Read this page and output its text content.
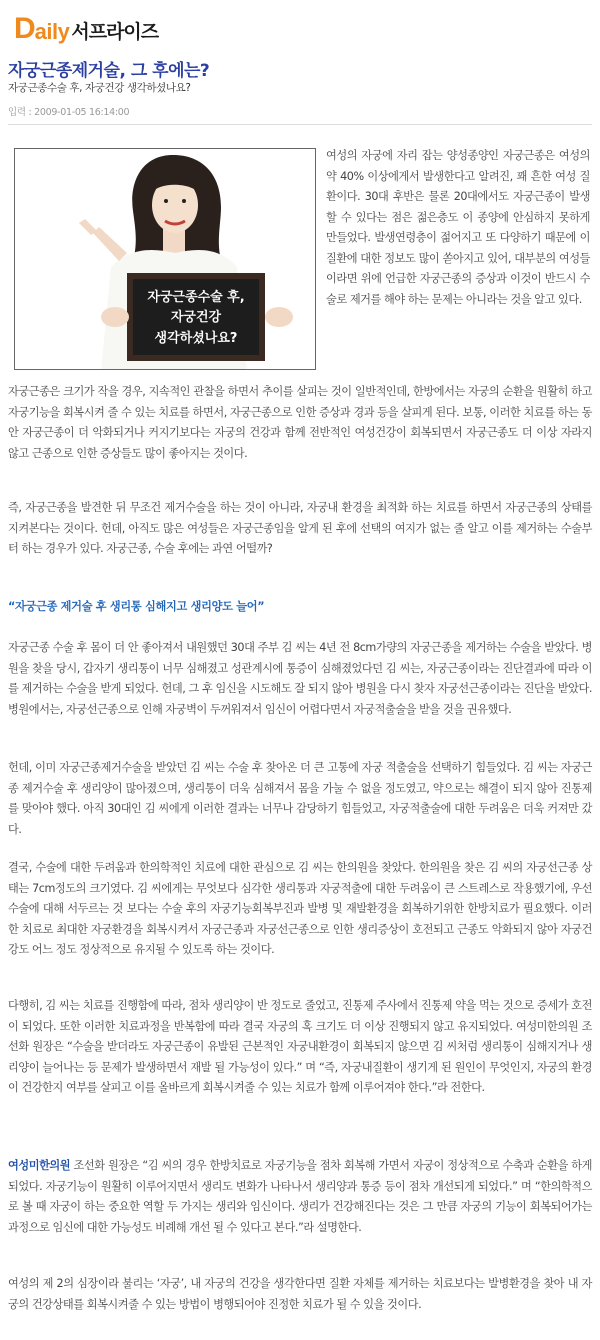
D aily 서프라이즈
자궁근종제거술, 그 후에는?
자궁근종수술 후, 자궁건강 생각하셨나요?
입력 : 2009-01-05 16:14:00
자궁근종수술 후,
자궁건강
생각하셨나요?

여성의 자궁에 자리 잡는 양성종양인 자궁근종은 여성의 약 40% 이상에게서 발생한다고 알려진, 꽤 흔한 여성 질환이다. 30대 후반은 물론 20대에서도 자궁근종이 발생할 수 있다는 점은 젊은층도 이 종양에 안심하지 못하게 만들었다. 발생연령층이 젊어지고 또 다양하기 때문에 이 질환에 대한 정보도 많이 쏟아지고 있어, 대부분의 여성들이라면 위에 언급한 자궁근종의 증상과 이것이 반드시 수술로 제거를 해야 하는 문제는 아니라는 것을 알고 있다.

자궁근종은 크기가 작을 경우, 지속적인 관찰을 하면서 추이를 살피는 것이 일반적인데, 한방에서는 자궁의 순환을 원활히 하고 자궁기능을 회복시켜 줄 수 있는 치료를 하면서, 자궁근종으로 인한 증상과 경과 등을 살피게 된다. 보통, 이러한 치료를 하는 동안 자궁근종이 더 악화되거나 커지기보다는 자궁의 건강과 함께 전반적인 여성건강이 회복되면서 자궁근종도 더 이상 자라지 않고 근종으로 인한 증상들도 많이 좋아지는 것이다.

즉, 자궁근종을 발견한 뒤 무조건 제거수술을 하는 것이 아니라, 자궁내 환경을 최적화 하는 치료를 하면서 자궁근종의 상태를 지켜본다는 것이다. 헌데, 아직도 많은 여성들은 자궁근종임을 알게 된 후에 선택의 여지가 없는 줄 알고 이를 제거하는 수술부터 하는 경우가 있다. 자궁근종, 수술 후에는 과연 어떨까?

“자궁근종 제거술 후 생리통 심해지고 생리양도 늘어”

자궁근종 수술 후 몸이 더 안 좋아져서 내원했던 30대 주부 김 씨는 4년 전 8cm가량의 자궁근종을 제거하는 수술을 받았다. 병원을 찾을 당시, 갑자기 생리통이 너무 심해졌고 성관계시에 통증이 심해졌었다던 김 씨는, 자궁근종이라는 진단결과에 따라 이를 제거하는 수술을 받게 되었다. 헌데, 그 후 임신을 시도해도 잘 되지 않아 병원을 다시 찾자 자궁선근종이라는 진단을 받았다. 병원에서는, 자궁선근종으로 인해 자궁벽이 두꺼워져서 임신이 어렵다면서 자궁적출술을 받을 것을 권유했다.

헌데, 이미 자궁근종제거수술을 받았던 김 씨는 수술 후 찾아온 더 큰 고통에 자궁 적출술을 선택하기 힘들었다. 김 씨는 자궁근종 제거수술 후 생리양이 많아졌으며, 생리통이 더욱 심해져서 몸을 가눌 수 없을 정도였고, 약으로는 해결이 되지 않아 진통제를 맞아야 했다. 아직 30대인 김 씨에게 이러한 결과는 너무나 감당하기 힘들었고, 자궁적출술에 대한 두려움은 더욱 커져만 갔다.

결국, 수술에 대한 두려움과 한의학적인 치료에 대한 관심으로 김 씨는 한의원을 찾았다. 한의원을 찾은 김 씨의 자궁선근종 상태는 7cm정도의 크기였다. 김 씨에게는 무엇보다 심각한 생리통과 자궁적출에 대한 두려움이 큰 스트레스로 작용했기에, 우선 수술에 대해 서두르는 것 보다는 수술 후의 자궁기능회복부진과 발병 및 재발환경을 회복하기위한 한방치료가 필요했다. 이러한 치료로 최대한 자궁환경을 회복시켜서 자궁근종과 자궁선근종으로 인한 생리증상이 호전되고 근종도 악화되지 않아 자궁건강도 어느 정도 정상적으로 유지될 수 있도록 하는 것이다.

다행히, 김 씨는 치료를 진행함에 따라, 점차 생리양이 반 정도로 줄었고, 진통제 주사에서 진통제 약을 먹는 것으로 증세가 호전이 되었다. 또한 이러한 치료과정을 반복함에 따라 결국 자궁의 혹 크기도 더 이상 진행되지 않고 유지되었다. 여성미한의원 조선화 원장은 “수술을 받더라도 자궁근종이 유발된 근본적인 자궁내환경이 회복되지 않으면 김 씨처럼 생리통이 심해지거나 생리양이 늘어나는 등 문제가 발생하면서 재발 될 가능성이 있다.” 며 “즉, 자궁내질환이 생기게 된 원인이 무엇인지, 자궁의 환경이 건강한지 여부를 살피고 이를 올바르게 회복시켜줄 수 있는 치료가 함께 이루어져야 한다.”라 전한다.

여성미한의원 조선화 원장은 “김 씨의 경우 한방치료로 자궁기능을 점차 회복해 가면서 자궁이 정상적으로 수축과 순환을 하게 되었다. 자궁기능이 원활히 이루어지면서 생리도 변화가 나타나서 생리양과 통증 등이 점차 개선되게 되었다.” 며 “한의학적으로 볼 때 자궁이 하는 중요한 역할 두 가지는 생리와 임신이다. 생리가 건강해진다는 것은 그 만큼 자궁의 기능이 회복되어가는 과정으로 임신에 대한 가능성도 비례해 개선 될 수 있다고 본다.”라 설명한다.

여성의 제 2의 심장이라 불리는 ‘자궁’, 내 자궁의 건강을 생각한다면 질환 자체를 제거하는 치료보다는 발병환경을 찾아 내 자궁의 건강상태를 회복시켜줄 수 있는 방법이 병행되어야 진정한 치료가 될 수 있을 것이다.
